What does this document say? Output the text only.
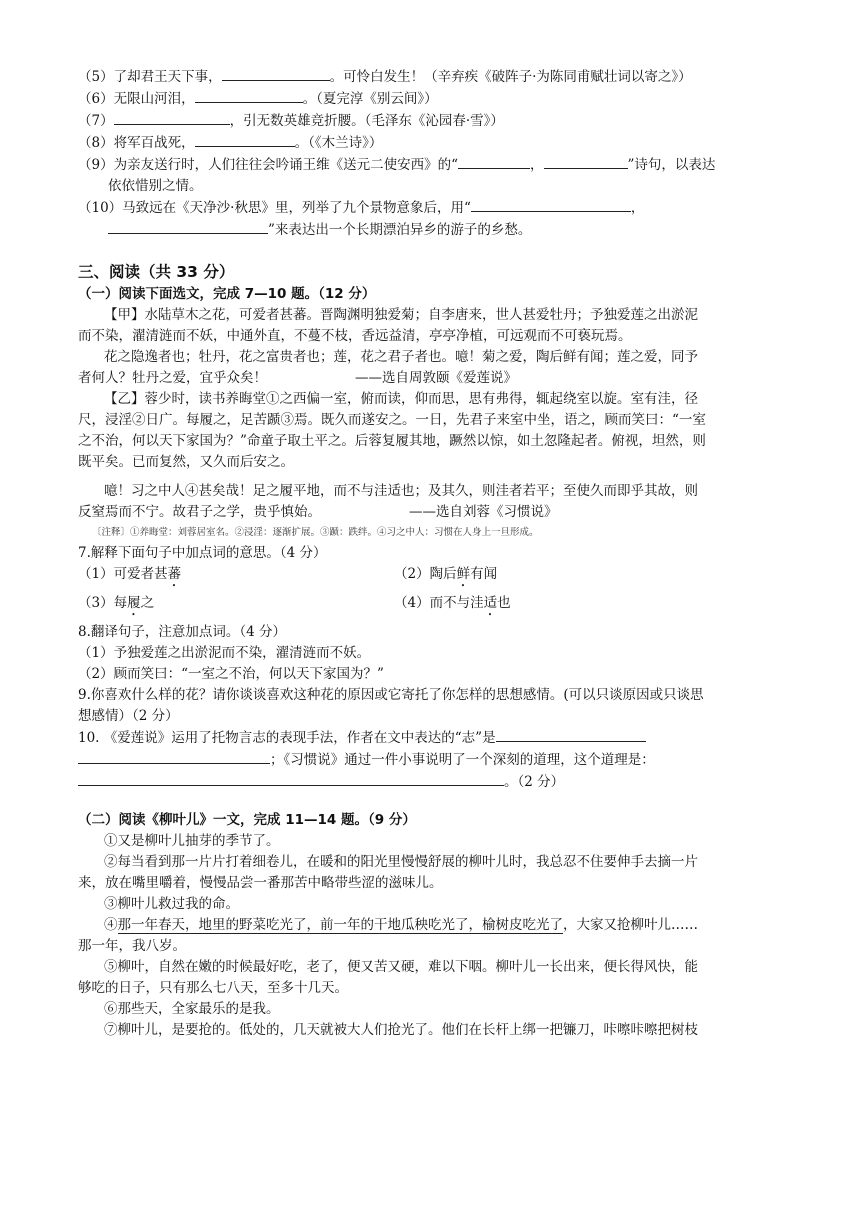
（5）了却君王天下事，	。可怜白发生！（辛弃疾《破阵子·为陈同甫赋壮词以寄之》）
（6）无限山河泪，	。（夏完淳《别云间》）
（7）	，引无数英雄竞折腰。（毛泽东《沁园春·雪》）
（8）将军百战死，	。（《木兰诗》）
（9）为亲友送行时，人们往往会吟诵王维《送元二使安西》的“	，	”诗句，以表达
依依惜别之情。
（10）马致远在《天净沙·秋思》里，列举了九个景物意象后，用“	，
”来表达出一个长期漂泊异乡的游子的乡愁。
三、阅读（共 33 分）
（一）阅读下面选文，完成 7—10 题。（12 分）
【甲】水陆草木之花，可爱者甚蕃。晋陶渊明独爱菊；自李唐来，世人甚爱牡丹；予独爱莲之出淤泥
而不染，濯清涟而不妖，中通外直，不蔓不枝，香远益清，亭亭净植，可远观而不可亵玩焉。
花之隐逸者也；牡丹，花之富贵者也；莲，花之君子者也。噫！菊之爱，陶后鲜有闻；莲之爱，同予
者何人？牡丹之爱，宜乎众矣！	——选自周敦颐《爱莲说》
【乙】蓉少时，读书养晦堂①之西偏一室，俯而读，仰而思，思有弗得，辄起绕室以旋。室有洼，径
尺，浸淫②日广。每履之，足苦踬③焉。既久而遂安之。一日，先君子来室中坐，语之，顾而笑曰：“一室
之不治，何以天下家国为？”命童子取土平之。后蓉复履其地，蹶然以惊，如土忽隆起者。俯视，坦然，则
既平矣。已而复然，又久而后安之。
噫！习之中人④甚矣哉！足之履平地，而不与洼适也；及其久，则洼者若平；至使久而即乎其故，则
反窒焉而不宁。故君子之学，贵乎慎始。	——选自刘蓉《习惯说》
〔注释〕①养晦堂：刘蓉居室名。②浸淫：逐渐扩展。③踬：跌绊。④习之中人：习惯在人身上一旦形成。
7.解释下面句子中加点词的意思。（4 分）
（1）可爱者甚蕃	（2）陶后鲜有闻
（3）每履之	（4）而不与洼适也
8.翻译句子，注意加点词。（4 分）
（1）予独爱莲之出淤泥而不染，濯清涟而不妖。
（2）顾而笑曰：“一室之不治，何以天下家国为？”
9.你喜欢什么样的花？请你谈谈喜欢这种花的原因或它寄托了你怎样的思想感情。(可以只谈原因或只谈思
想感情）（2 分）
10. 《爱莲说》运用了托物言志的表现手法，作者在文中表达的“志”是
；《习惯说》通过一件小事说明了一个深刻的道理，这个道理是：
。（2 分）
（二）阅读《柳叶儿》一文，完成 11—14 题。（9 分）
①又是柳叶儿抽芽的季节了。
②每当看到那一片片打着细卷儿，在暖和的阳光里慢慢舒展的柳叶儿时，我总忍不住要伸手去摘一片
来，放在嘴里嚼着，慢慢品尝一番那苦中略带些涩的滋味儿。
③柳叶儿救过我的命。
④那一年春天，地里的野菜吃光了，前一年的干地瓜秧吃光了，榆树皮吃光了，大家又抢柳叶儿……
那一年，我八岁。
⑤柳叶，自然在嫩的时候最好吃，老了，便又苦又硬，难以下咽。柳叶儿一长出来，便长得风快，能
够吃的日子，只有那么七八天，至多十几天。
⑥那些天，全家最乐的是我。
⑦柳叶儿，是要抢的。低处的，几天就被大人们抢光了。他们在长杆上绑一把镰刀，咔嚓咔嚓把树枝
